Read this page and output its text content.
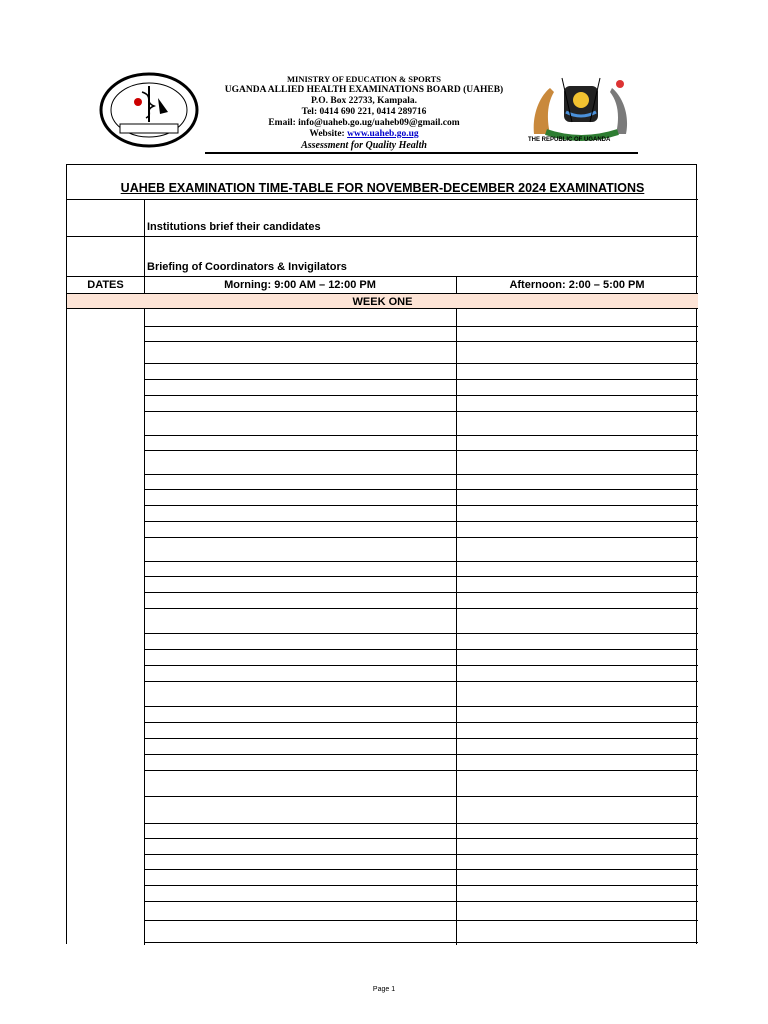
MINISTRY OF EDUCATION & SPORTS
UGANDA ALLIED HEALTH EXAMINATIONS BOARD (UAHEB)
P.O. Box 22733, Kampala.
Tel: 0414 690 221, 0414 289716
Email: info@uaheb.go.ug/uaheb09@gmail.com
Website: www.uaheb.go.ug
Assessment for Quality Health	THE REPUBLIC OF UGANDA
UAHEB EXAMINATION TIME-TABLE FOR NOVEMBER-DECEMBER 2024 EXAMINATIONS
Institutions brief their candidates
Briefing of Coordinators & Invigilators
DATES	Morning: 9:00 AM – 12:00 PM	Afternoon: 2:00 – 5:00 PM
WEEK ONE
Page 1
